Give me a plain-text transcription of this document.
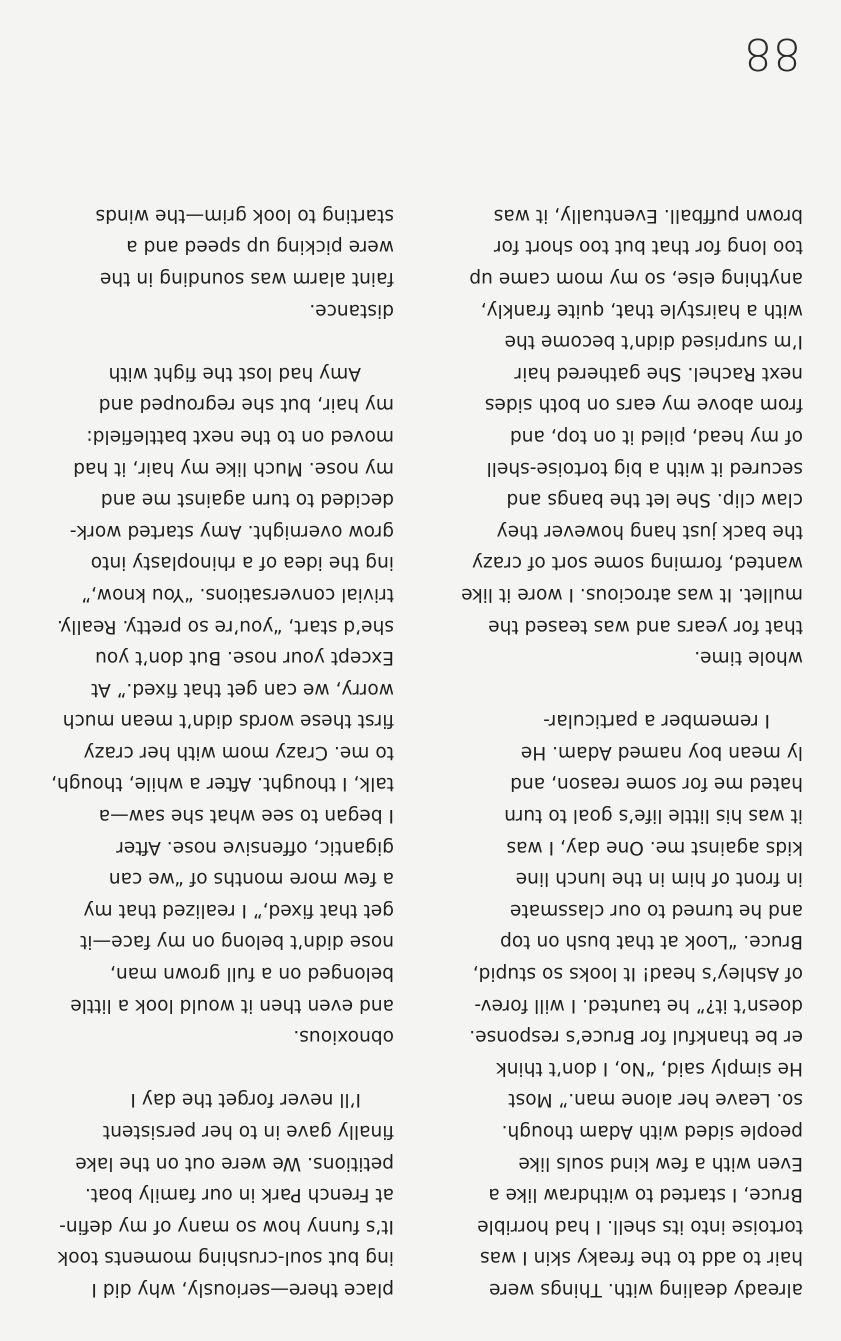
88

already dealing with. Things were
hair to add to the freaky skin I was
tortoise into its shell. I had horrible
Bruce, I started to withdraw like a
Even with a few kind souls like
people sided with Adam though.
so. Leave her alone man.” Most
He simply said, “No, I don’t think
er be thankful for Bruce’s response.
doesn’t it?” he taunted. I will forev-
of Ashley’s head! It looks so stupid,
Bruce. “Look at that bush on top
and he turned to our classmate
in front of him in the lunch line
kids against me. One day, I was
it was his little life’s goal to turn
hated me for some reason, and
ly mean boy named Adam. He
I remember a particular-

whole time.
that for years and was teased the
mullet. It was atrocious. I wore it like
wanted, forming some sort of crazy
the back just hang however they
claw clip. She let the bangs and
secured it with a big tortoise-shell
of my head, piled it on top, and
from above my ears on both sides
next Rachel. She gathered hair
I’m surprised didn’t become the
with a hairstyle that, quite frankly,
anything else, so my mom came up
too long for that but too short for
brown puffball. Eventually, it was

place there—seriously, why did I
ing but soul-crushing moments took
It’s funny how so many of my defin-
at French Park in our family boat.
petitions. We were out on the lake
finally gave in to her persistent
I’ll never forget the day I

obnoxious.
and even then it would look a little
belonged on a full grown man,
nose didn’t belong on my face—it
get that fixed,” I realized that my
a few more months of “we can
gigantic, offensive nose. After
I began to see what she saw—a
talk, I thought. After a while, though,
to me. Crazy mom with her crazy
first these words didn’t mean much
worry, we can get that fixed.” At
Except your nose. But don’t you
she’d start, “you’re so pretty. Really.
trivial conversations. “You know,”
ing the idea of a rhinoplasty into
grow overnight. Amy started work-
decided to turn against me and
my nose. Much like my hair, it had
moved on to the next battlefield:
my hair, but she regrouped and
Amy had lost the fight with

distance.
faint alarm was sounding in the
were picking up speed and a
starting to look grim—the winds
